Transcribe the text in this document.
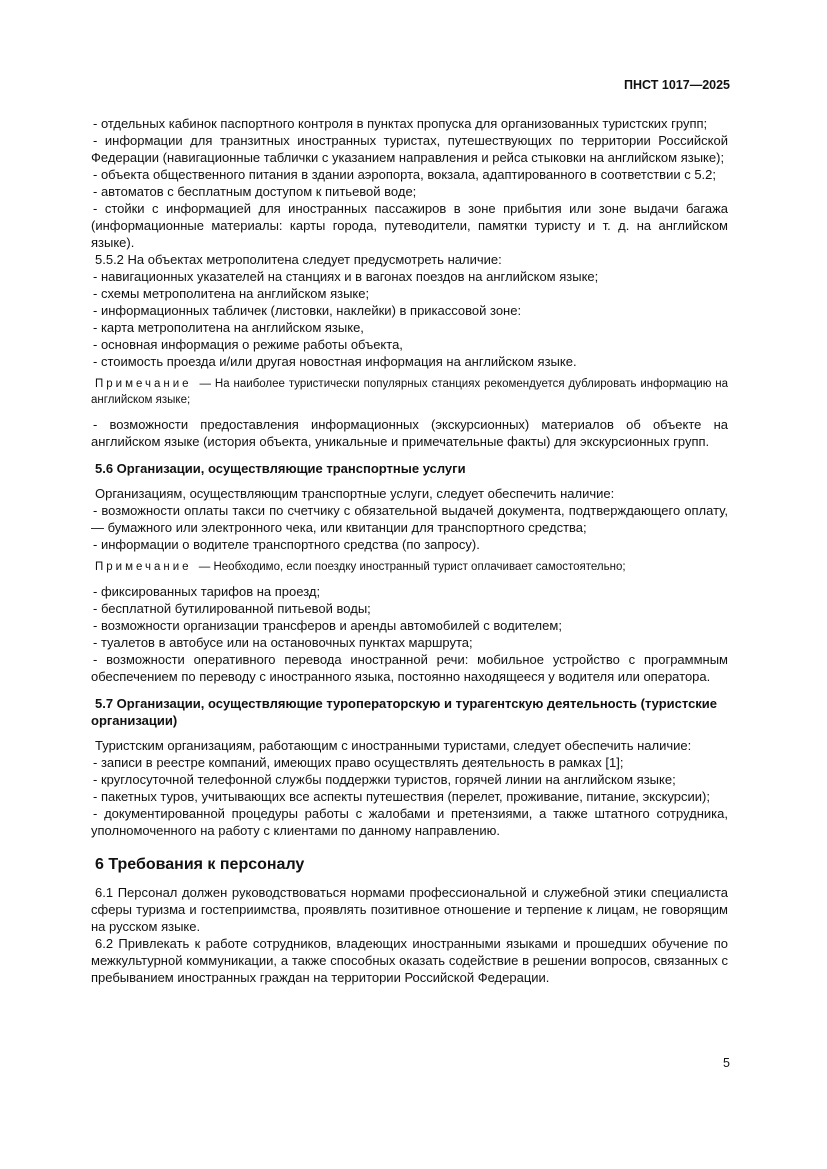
ПНСТ 1017—2025

- отдельных кабинок паспортного контроля в пунктах пропуска для организованных туристских групп;

- информации для транзитных иностранных туристах, путешествующих по территории Российской Федерации (навигационные таблички с указанием направления и рейса стыковки на английском языке);

- объекта общественного питания в здании аэропорта, вокзала, адаптированного в соответствии с 5.2;

- автоматов с бесплатным доступом к питьевой воде;

- стойки с информацией для иностранных пассажиров в зоне прибытия или зоне выдачи багажа (информационные материалы: карты города, путеводители, памятки туристу и т. д. на английском языке).

5.5.2 На объектах метрополитена следует предусмотреть наличие:

- навигационных указателей на станциях и в вагонах поездов на английском языке;

- схемы метрополитена на английском языке;

- информационных табличек (листовки, наклейки) в прикассовой зоне:

- карта метрополитена на английском языке,

- основная информация о режиме работы объекта,

- стоимость проезда и/или другая новостная информация на английском языке.

Примечание — На наиболее туристически популярных станциях рекомендуется дублировать информацию на английском языке;

- возможности предоставления информационных (экскурсионных) материалов об объекте на английском языке (история объекта, уникальные и примечательные факты) для экскурсионных групп.

5.6 Организации, осуществляющие транспортные услуги

Организациям, осуществляющим транспортные услуги, следует обеспечить наличие:

- возможности оплаты такси по счетчику с обязательной выдачей документа, подтверждающего оплату, — бумажного или электронного чека, или квитанции для транспортного средства;

- информации о водителе транспортного средства (по запросу).

Примечание — Необходимо, если поездку иностранный турист оплачивает самостоятельно;

- фиксированных тарифов на проезд;

- бесплатной бутилированной питьевой воды;

- возможности организации трансферов и аренды автомобилей с водителем;

- туалетов в автобусе или на остановочных пунктах маршрута;

- возможности оперативного перевода иностранной речи: мобильное устройство с программным обеспечением по переводу с иностранного языка, постоянно находящееся у водителя или оператора.

5.7 Организации, осуществляющие туроператорскую и турагентскую деятельность (туристские организации)

Туристским организациям, работающим с иностранными туристами, следует обеспечить наличие:

- записи в реестре компаний, имеющих право осуществлять деятельность в рамках [1];

- круглосуточной телефонной службы поддержки туристов, горячей линии на английском языке;

- пакетных туров, учитывающих все аспекты путешествия (перелет, проживание, питание, экскурсии);

- документированной процедуры работы с жалобами и претензиями, а также штатного сотрудника, уполномоченного на работу с клиентами по данному направлению.

6 Требования к персоналу

6.1 Персонал должен руководствоваться нормами профессиональной и служебной этики специалиста сферы туризма и гостеприимства, проявлять позитивное отношение и терпение к лицам, не говорящим на русском языке.

6.2 Привлекать к работе сотрудников, владеющих иностранными языками и прошедших обучение по межкультурной коммуникации, а также способных оказать содействие в решении вопросов, связанных с пребыванием иностранных граждан на территории Российской Федерации.

5
